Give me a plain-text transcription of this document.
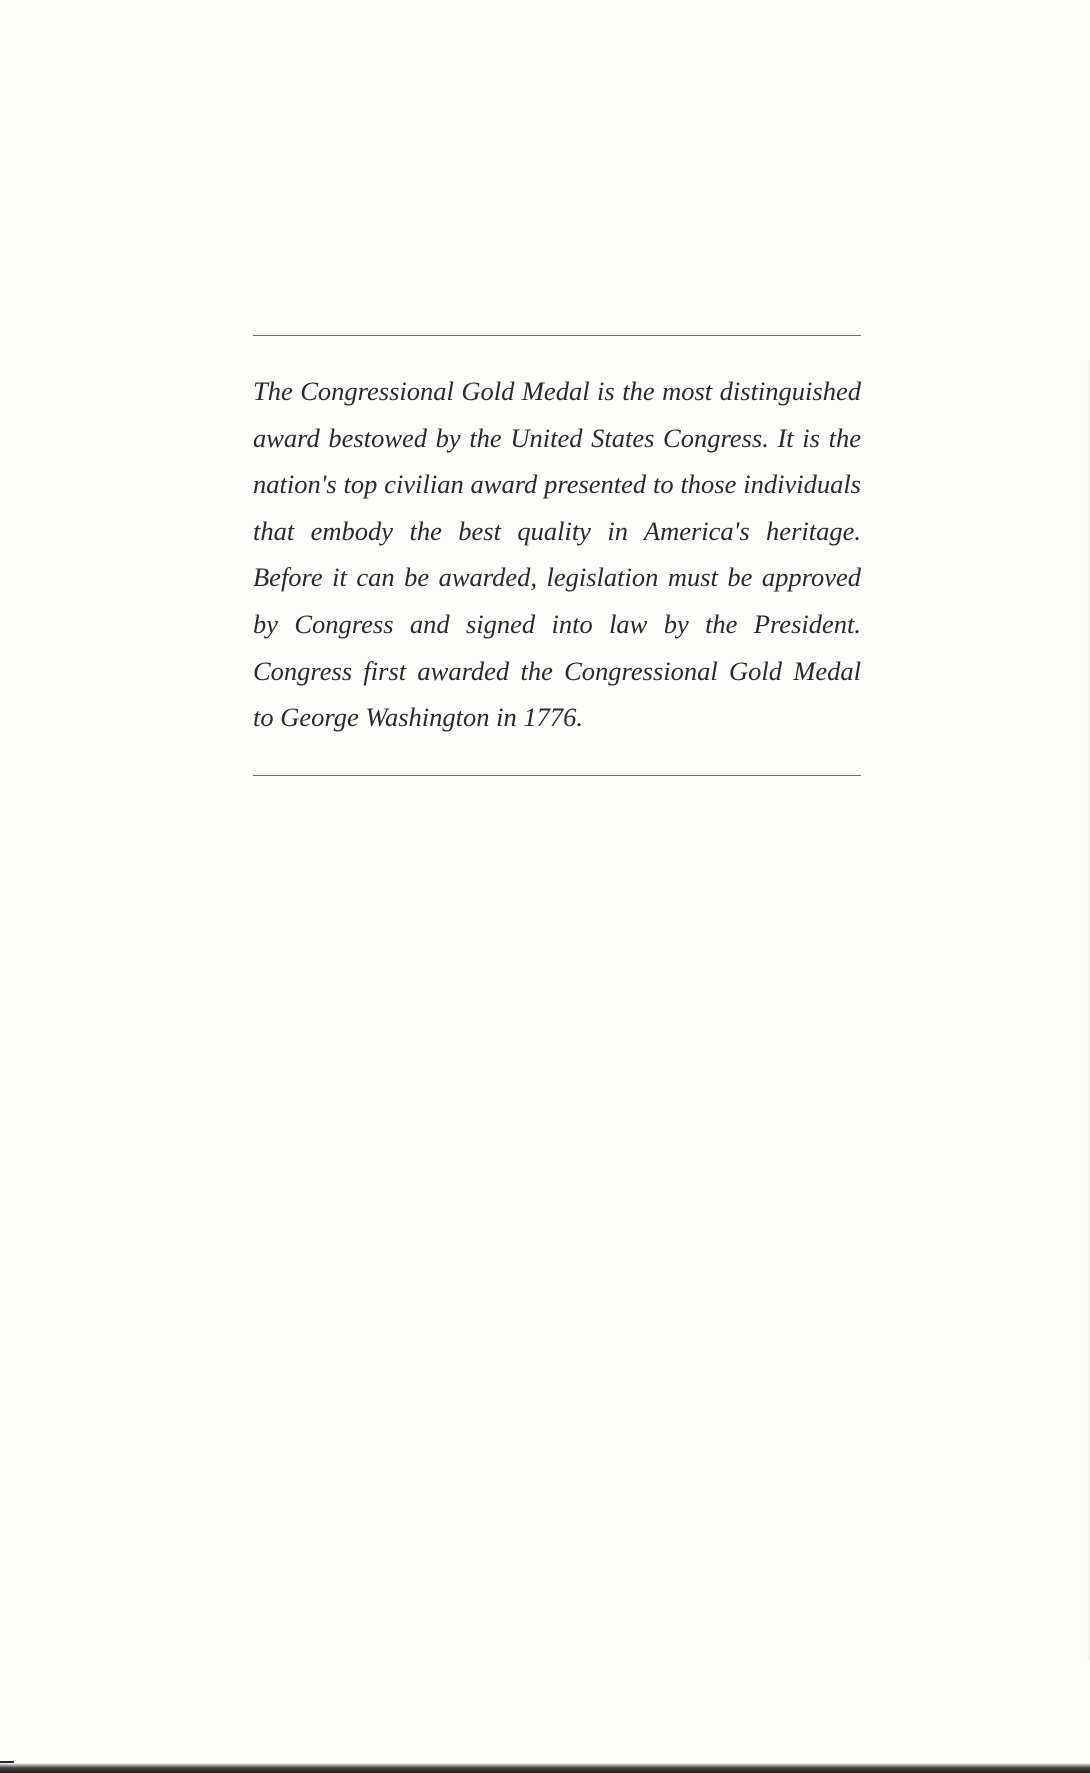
The Congressional Gold Medal is the most distinguished
award bestowed by the United States Congress. It is the
nation's top civilian award presented to those individuals
that embody the best quality in America's heritage.
Before it can be awarded, legislation must be approved
by Congress and signed into law by the President.
Congress first awarded the Congressional Gold Medal
to George Washington in 1776.
